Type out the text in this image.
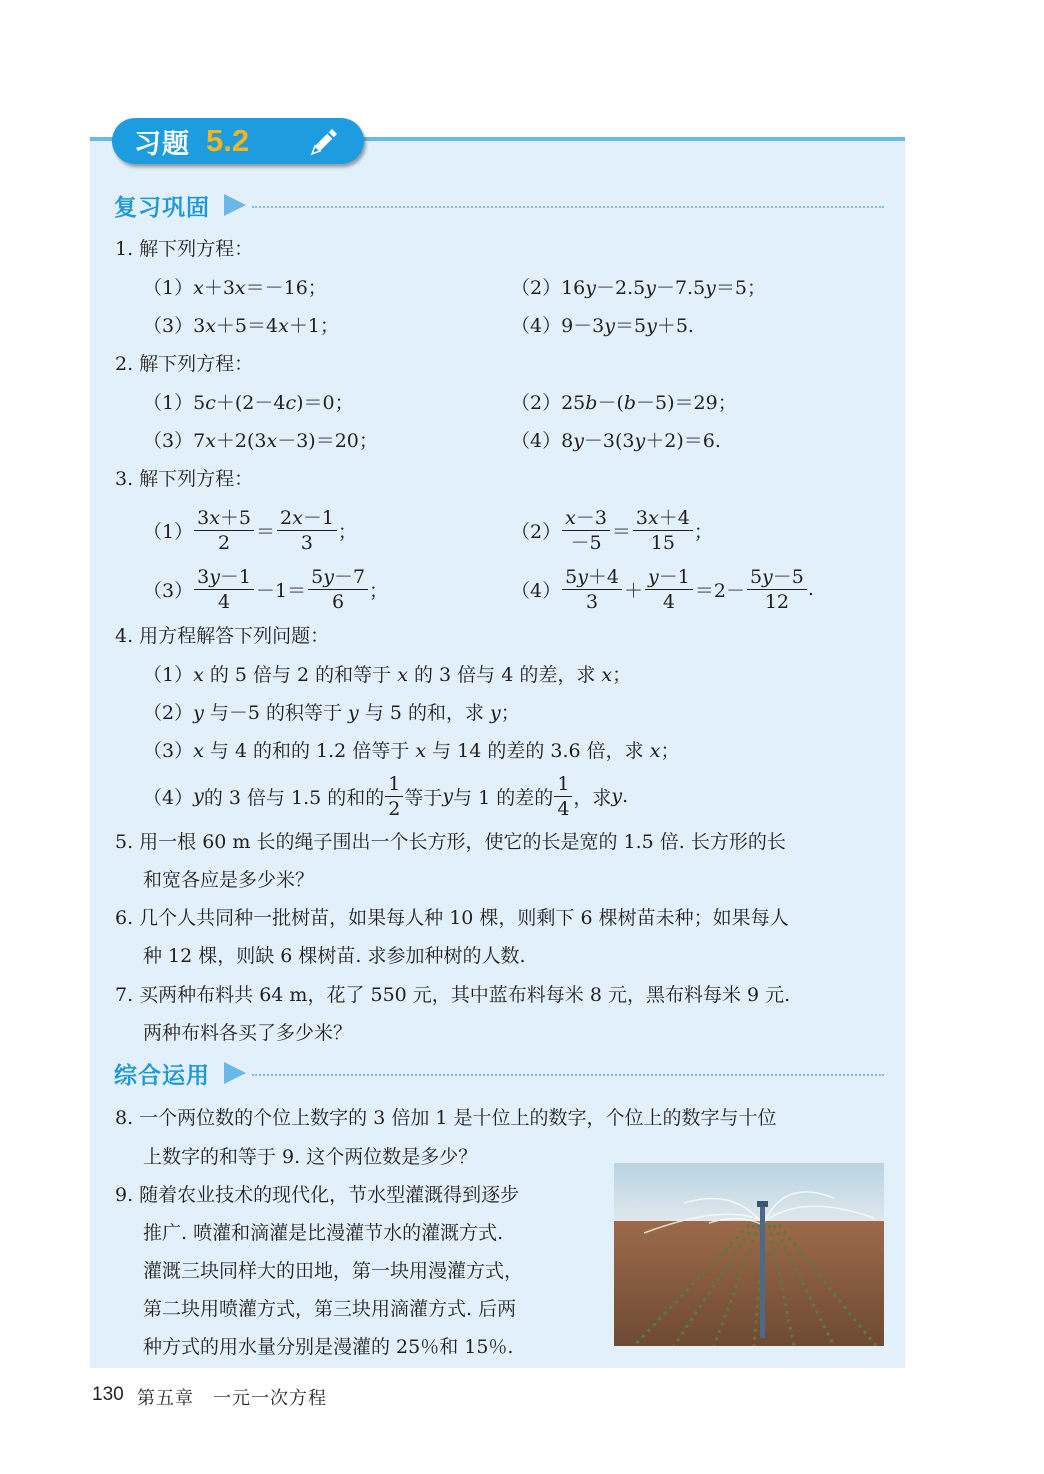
习题 5.2
复习巩固
1. 解下列方程：
（1）x＋3x＝－16；	（2）16y－2.5y－7.5y＝5；
（3）3x＋5＝4x＋1；	（4）9－3y＝5y＋5.
2. 解下列方程：
（1）5c＋(2－4c)＝0；	（2）25b－(b－5)＝29；
（3）7x＋2(3x－3)＝20；	（4）8y－3(3y＋2)＝6.
3. 解下列方程：
$(1) \frac{3x+5}{2} = \frac{2x-1}{3}$ ；	$(2) \frac{x-3}{-5} = \frac{3x+4}{15}$ ；
$(3) \frac{3y-1}{4} -1= \frac{5y-7}{6}$ ；	$(4) \frac{5y+4}{3} + \frac{y-1}{4} =2- \frac{5y-5}{12}$ .
4. 用方程解答下列问题：
（1）x 的 5 倍与 2 的和等于 x 的 3 倍与 4 的差，求 x；
（2）y 与－5 的积等于 y 与 5 的和，求 y；
（3）x 与 4 的和的 1.2 倍等于 x 与 14 的差的 3.6 倍，求 x；
（4） y 的 3 倍与 1.5 的和的 $\frac{1}{2}$ 等于 y 与 1 的差的 $\frac{1}{4}$ ，求 y .
5. 用一根 60 m 长的绳子围出一个长方形，使它的长是宽的 1.5 倍. 长方形的长
和宽各应是多少米？
6. 几个人共同种一批树苗，如果每人种 10 棵，则剩下 6 棵树苗未种；如果每人
种 12 棵，则缺 6 棵树苗. 求参加种树的人数.
7. 买两种布料共 64 m，花了 550 元，其中蓝布料每米 8 元，黑布料每米 9 元.
两种布料各买了多少米？
综合运用
8. 一个两位数的个位上数字的 3 倍加 1 是十位上的数字，个位上的数字与十位
上数字的和等于 9. 这个两位数是多少？
9. 随着农业技术的现代化，节水型灌溉得到逐步
推广. 喷灌和滴灌是比漫灌节水的灌溉方式.
灌溉三块同样大的田地，第一块用漫灌方式，
第二块用喷灌方式，第三块用滴灌方式. 后两
种方式的用水量分别是漫灌的 25％和 15％.
130 第五章　一元一次方程
